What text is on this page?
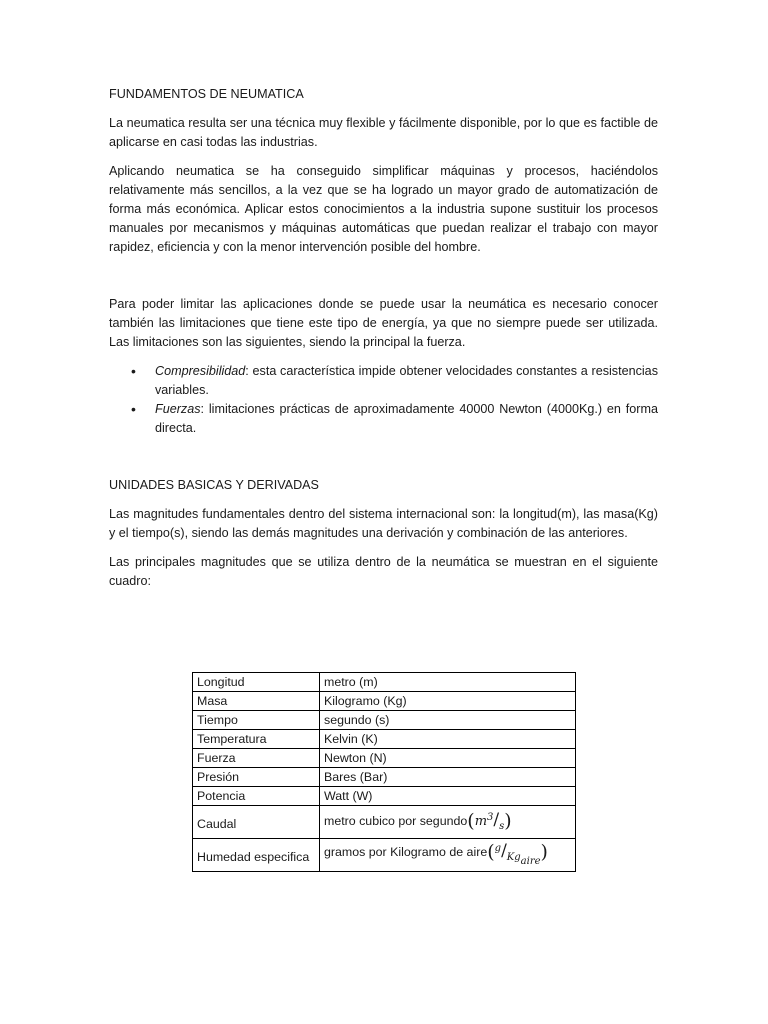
FUNDAMENTOS DE NEUMATICA

La neumatica resulta ser una técnica muy flexible y fácilmente disponible, por lo que es factible de aplicarse en casi todas las industrias.

Aplicando neumatica se ha conseguido simplificar máquinas y procesos, haciéndolos relativamente más sencillos, a la vez que se ha logrado un mayor grado de automatización de forma más económica. Aplicar estos conocimientos a la industria supone sustituir los procesos manuales por mecanismos y máquinas automáticas que puedan realizar el trabajo con mayor rapidez, eficiencia y con la menor intervención posible del hombre.

Para poder limitar las aplicaciones donde se puede usar la neumática es necesario conocer también las limitaciones que tiene este tipo de energía, ya que no siempre puede ser utilizada. Las limitaciones son las siguientes, siendo la principal la fuerza.

• Compresibilidad: esta característica impide obtener velocidades constantes a resistencias variables.
• Fuerzas: limitaciones prácticas de aproximadamente 40000 Newton (4000Kg.) en forma directa.
UNIDADES BASICAS Y DERIVADAS

Las magnitudes fundamentales dentro del sistema internacional son: la longitud(m), las masa(Kg) y el tiempo(s), siendo las demás magnitudes una derivación y combinación de las anteriores.

Las principales magnitudes que se utiliza dentro de la neumática se muestran en el siguiente cuadro:

Longitud	metro (m)
Masa	Kilogramo (Kg)
Tiempo	segundo (s)
Temperatura	Kelvin (K)
Fuerza	Newton (N)
Presión	Bares (Bar)
Potencia	Watt (W)
Caudal	metro cubico por $segundo(m^3/_s)$
Humedad especifica	gramos por Kilogramo de $aire(^g/_{Kg_{aire}})$
